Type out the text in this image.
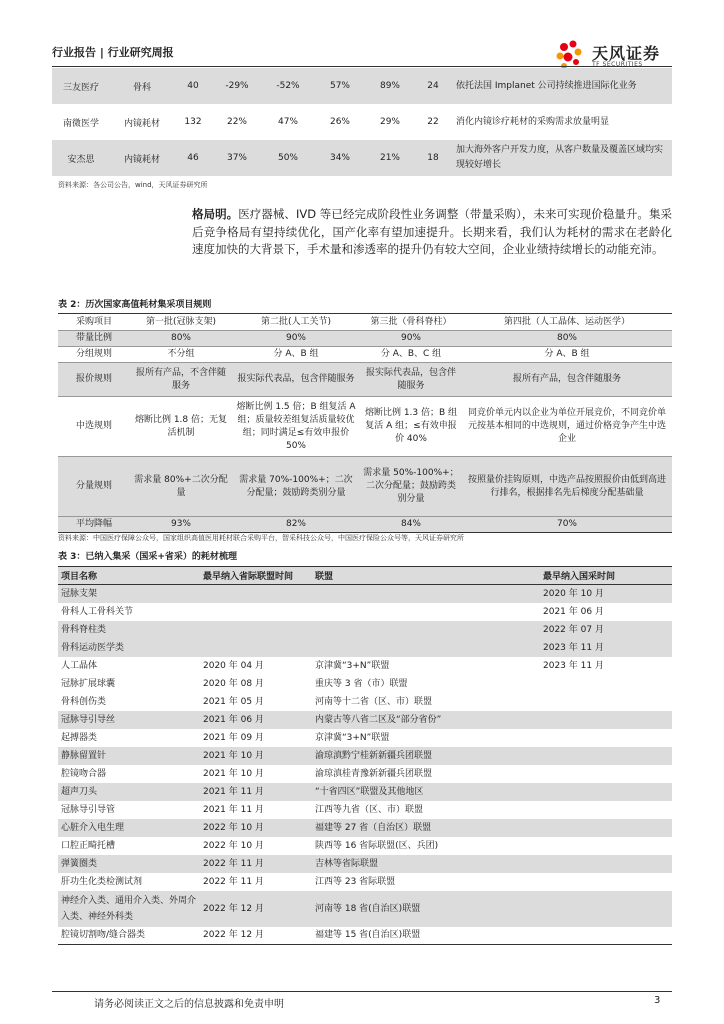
行业报告 | 行业研究周报	天风证券
TF SECURITIES
三友医疗	骨科	40	-29%	-52%	57%	89%	24	依托法国 Implanet 公司持续推进国际化业务
南微医学	内镜耗材	132	22%	47%	26%	29%	22	消化内镜诊疗耗材的采购需求放量明显
安杰思	内镜耗材	46	37%	50%	34%	21%	18	加大海外客户开发力度，从客户数量及覆盖区域均实现较好增长
资料来源：各公司公告，wind，天风证券研究所
格局明。医疗器械、IVD 等已经完成阶段性业务调整（带量采购），未来可实现价稳量升。集采后竞争格局有望持续优化，国产化率有望加速提升。长期来看，我们认为耗材的需求在老龄化速度加快的大背景下，手术量和渗透率的提升仍有较大空间，企业业绩持续增长的动能充沛。
表 2：历次国家高值耗材集采项目规则
采购项目	第一批(冠脉支架)	第二批(人工关节)	第三批（骨科脊柱）	第四批（人工晶体、运动医学）
带量比例	80%	90%	90%	80%
分组规则	不分组	分 A、B 组	分 A、B、C 组	分 A、B 组
报价规则	报所有产品，不含伴随服务	报实际代表品，包含伴随服务	报实际代表品，包含伴随服务	报所有产品，包含伴随服务
中选规则	熔断比例 1.8 倍；无复活机制	熔断比例 1.5 倍；B 组复活 A 组；质量较差组复活质量较优组；同时满足≤有效申报价 50%	熔断比例 1.3 倍；B 组复活 A 组；≤有效申报价 40%	同竞价单元内以企业为单位开展竞价，不同竞价单元按基本相同的中选规则，通过价格竞争产生中选企业
分量规则	需求量 80%+二次分配量	需求量 70%-100%+；二次分配量；鼓励跨类别分量	需求量 50%-100%+；二次分配量；鼓励跨类别分量	按照量价挂钩原则，中选产品按照报价由低到高进行排名，根据排名先后梯度分配基础量
平均降幅	93%	82%	84%	70%
资料来源：中国医疗保障公众号，国家组织高值医用耗材联合采购平台，智采科技公众号，中国医疗保险公众号等，天风证券研究所
表 3：已纳入集采（国采+省采）的耗材梳理
项目名称	最早纳入省际联盟时间	联盟	最早纳入国采时间
冠脉支架			2020 年 10 月
骨科人工骨科关节			2021 年 06 月
骨科脊柱类			2022 年 07 月
骨科运动医学类			2023 年 11 月
人工晶体	2020 年 04 月	京津冀“3+N”联盟	2023 年 11 月
冠脉扩展球囊	2020 年 08 月	重庆等 3 省（市）联盟	
骨科创伤类	2021 年 05 月	河南等十二省（区、市）联盟	
冠脉导引导丝	2021 年 06 月	内蒙古等八省二区及“部分省份”	
起搏器类	2021 年 09 月	京津冀“3+N”联盟	
静脉留置针	2021 年 10 月	渝琼滇黔宁桂新新疆兵团联盟	
腔镜吻合器	2021 年 10 月	渝琼滇桂青豫新新疆兵团联盟	
超声刀头	2021 年 11 月	“十省四区”联盟及其他地区	
冠脉导引导管	2021 年 11 月	江西等九省（区、市）联盟	
心脏介入电生理	2022 年 10 月	福建等 27 省（自治区）联盟	
口腔正畸托槽	2022 年 10 月	陕西等 16 省际联盟(区、兵团)	
弹簧圈类	2022 年 11 月	吉林等省际联盟	
肝功生化类检测试剂	2022 年 11 月	江西等 23 省际联盟	
神经介入类、通用介入类、外周介入类、神经外科类	2022 年 12 月	河南等 18 省(自治区)联盟	
腔镜切割吻/缝合器类	2022 年 12 月	福建等 15 省(自治区)联盟	
请务必阅读正文之后的信息披露和免责申明	3
